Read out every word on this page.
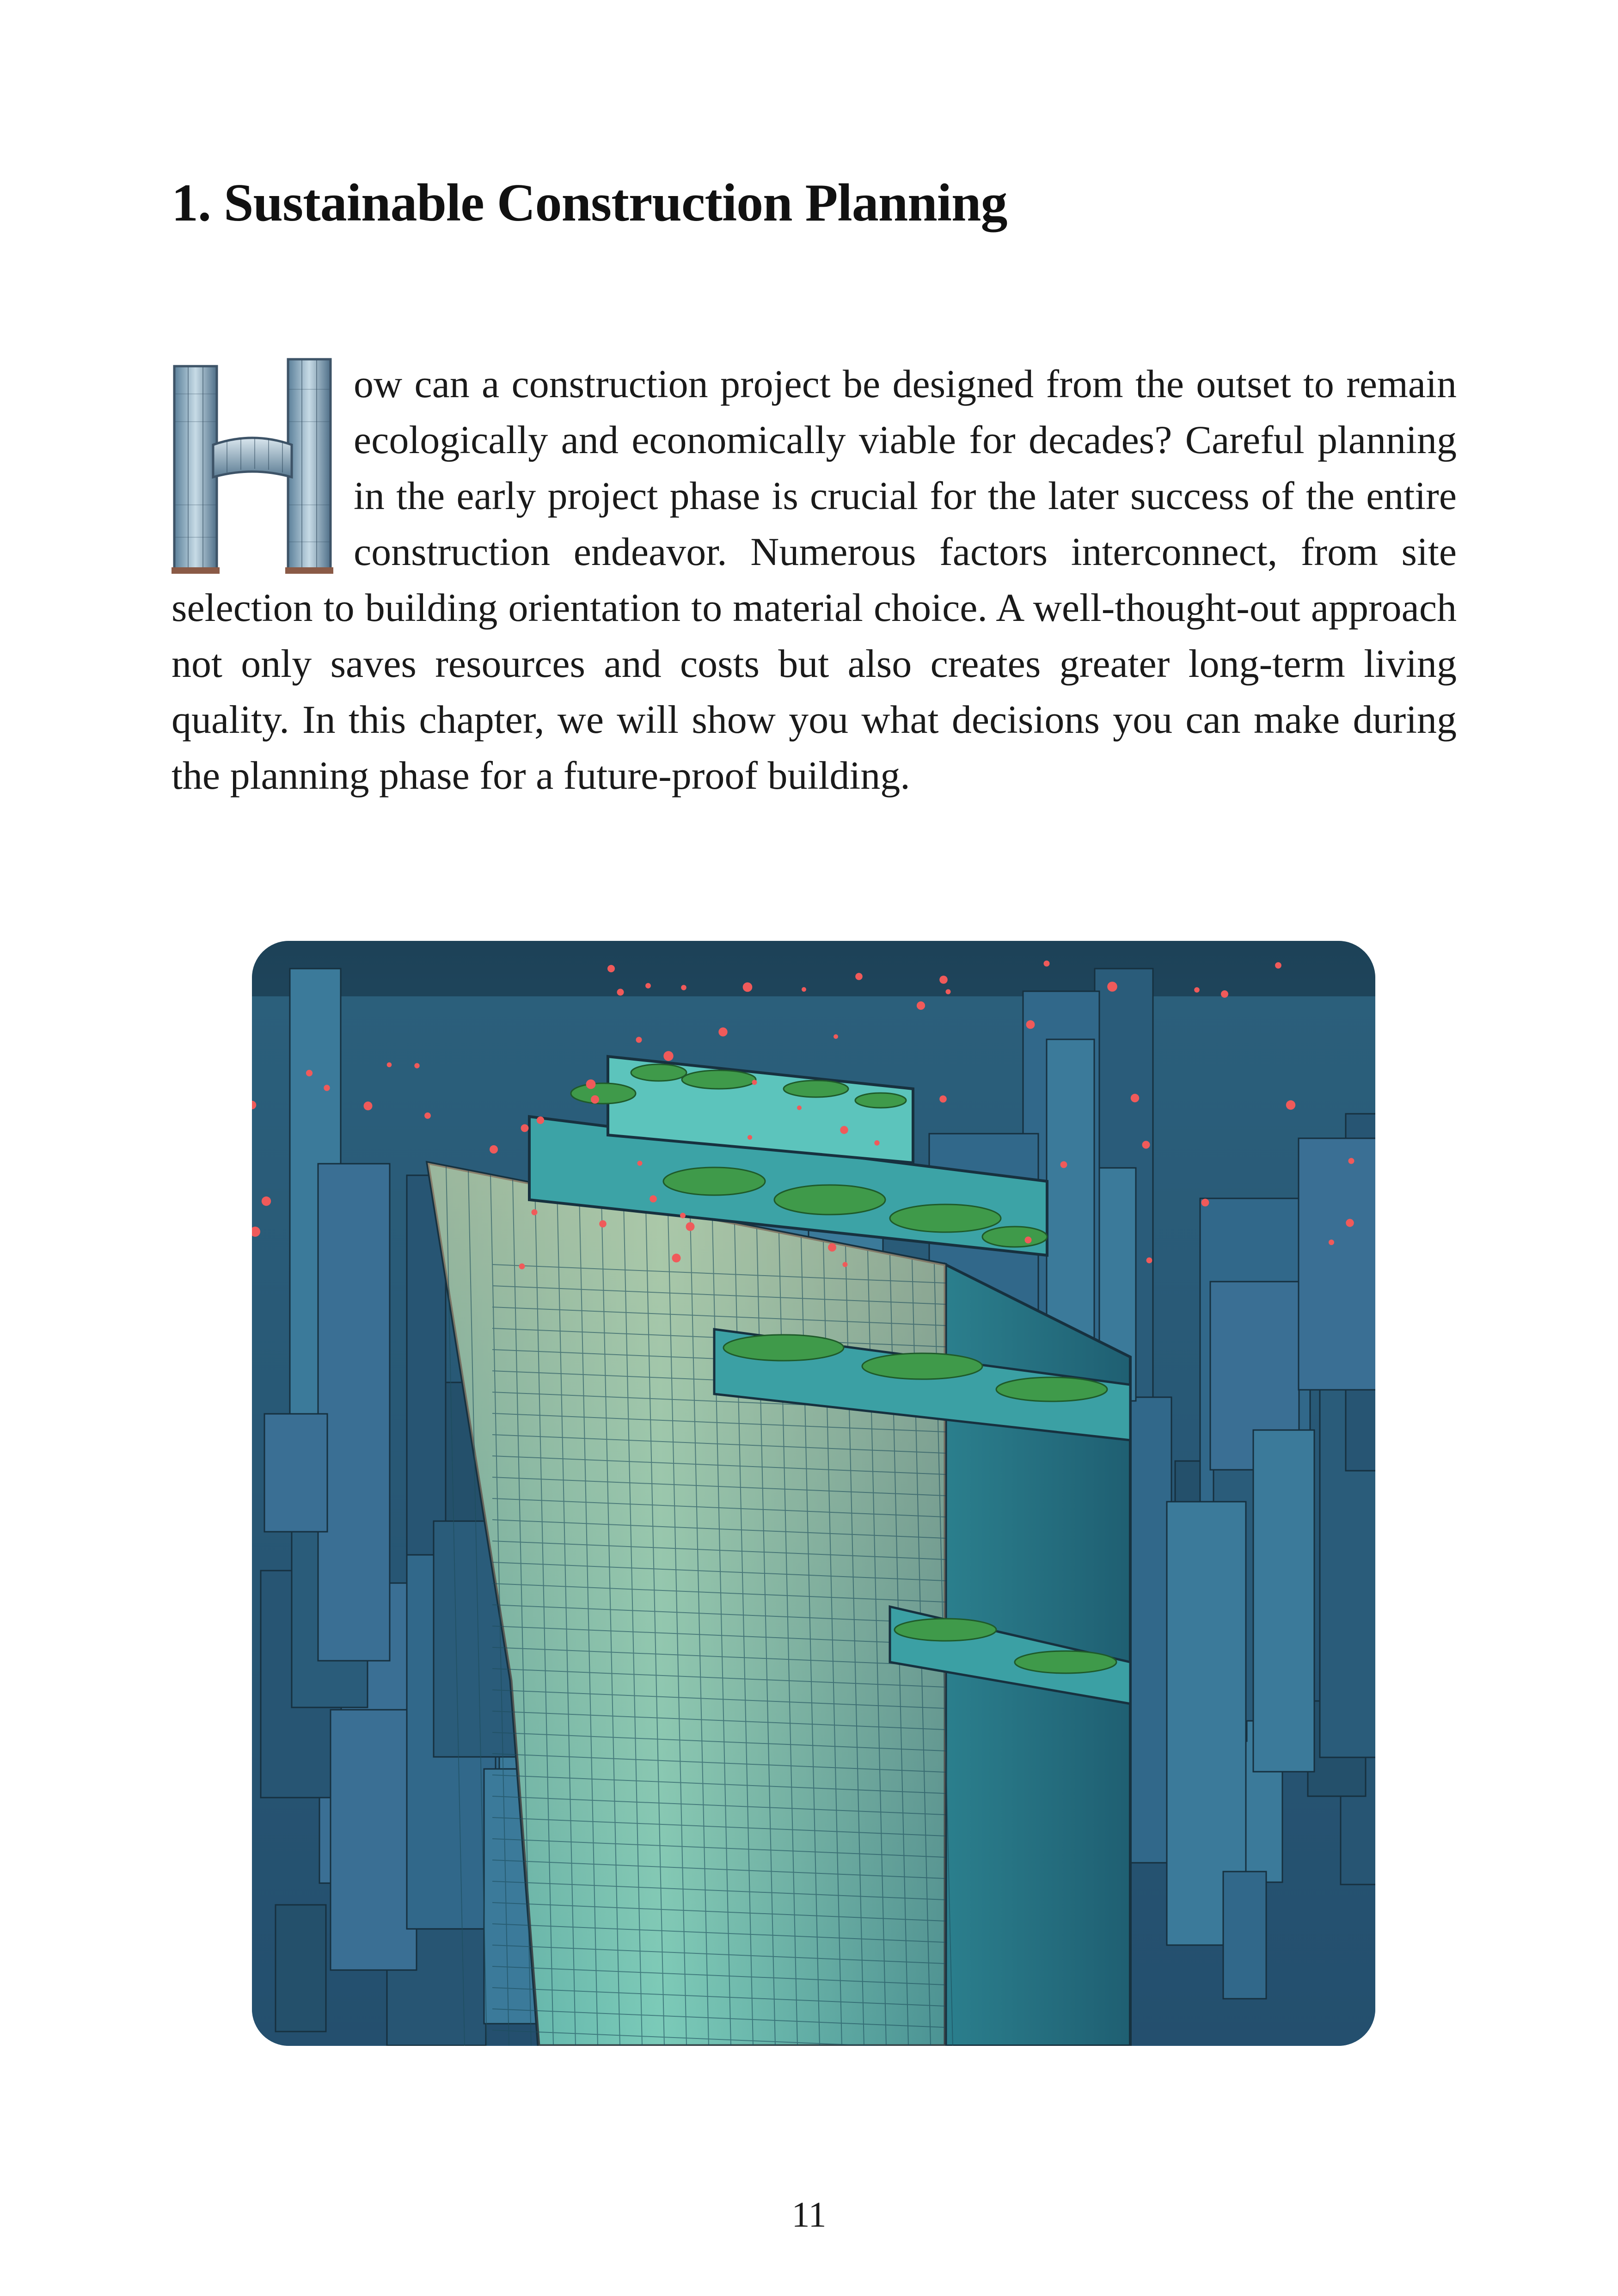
1. Sustainable Construction Planning

ow can a construction project be designed from the outset to remain ecologically and economically viable for decades? Careful planning in the early project phase is crucial for the later success of the entire construction endeavor. Numerous factors interconnect, from site selection to building orientation to material choice. A well-thought-out approach not only saves resources and costs but also creates greater long-term living quality. In this chapter, we will show you what decisions you can make during the planning phase for a future-proof building.

11
